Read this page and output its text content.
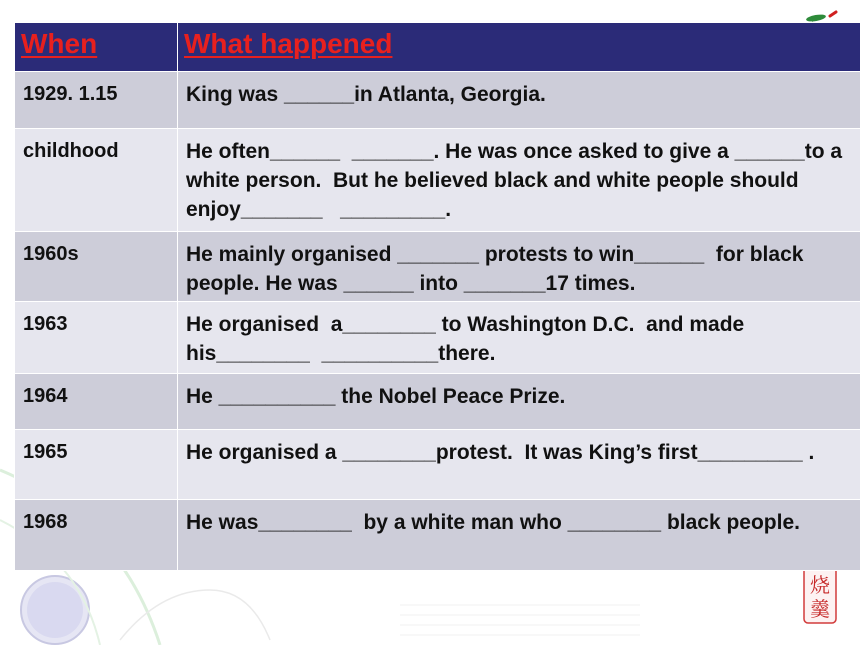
烧
羹
When	What happened
1929. 1.15	King was ______in Atlanta, Georgia.
childhood	He often______  _______. He was once asked to give a ______to a white person.  But he believed black and white people should enjoy_______   _________.
1960s	He mainly organised _______ protests to win______  for black people. He was ______ into _______17 times.
1963	He organised  a________ to Washington D.C.  and made his________  __________there.
1964	He __________ the Nobel Peace Prize.
1965	He organised a ________protest.  It was King’s first_________ .
1968	He was________  by a white man who ________ black people.
